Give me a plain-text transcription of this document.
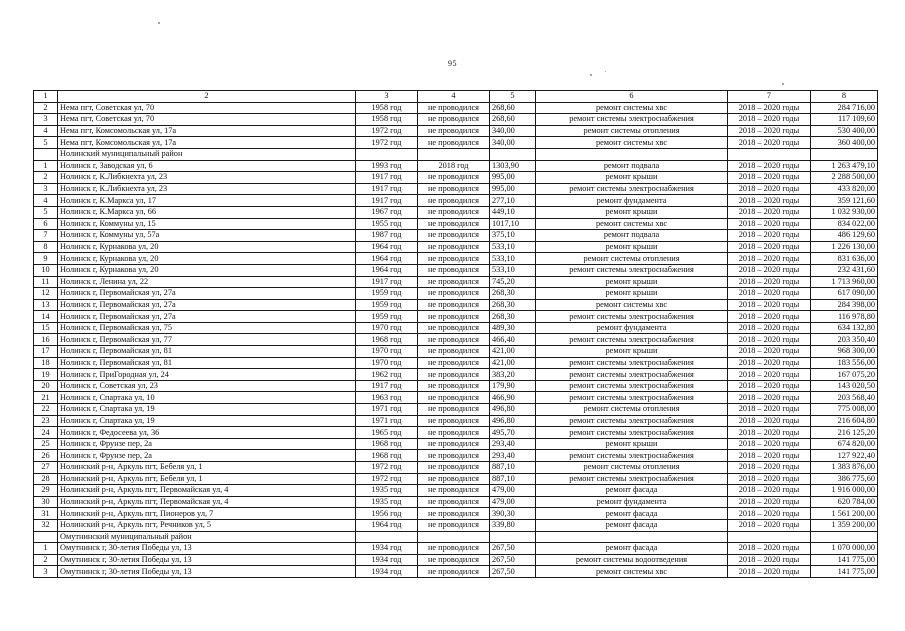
95
1	2	3	4	5	6	7	8
2	Нема пгт, Советская ул, 70	1958 год	не проводился	268,60	ремонт системы хвс	2018 – 2020 годы	284 716,00
3	Нема пгт, Советская ул, 70	1958 год	не проводился	268,60	ремонт системы электроснабжения	2018 – 2020 годы	117 109,60
4	Нема пгт, Комсомольская ул, 17а	1972 год	не проводился	340,00	ремонт системы отопления	2018 – 2020 годы	530 400,00
5	Нема пгт, Комсомольская ул, 17а	1972 год	не проводился	340,00	ремонт системы хвс	2018 – 2020 годы	360 400,00
	Нолинский муниципальный район						
1	Нолинск г, Заводская ул, 6	1993 год	2018 год	1303,90	ремонт подвала	2018 – 2020 годы	1 263 479,10
2	Нолинск г, К.Либкнехта ул, 23	1917 год	не проводился	995,00	ремонт крыши	2018 – 2020 годы	2 288 500,00
3	Нолинск г, К.Либкнехта ул, 23	1917 год	не проводился	995,00	ремонт системы электроснабжения	2018 – 2020 годы	433 820,00
4	Нолинск г, К.Маркса ул, 17	1917 год	не проводился	277,10	ремонт фундамента	2018 – 2020 годы	359 121,60
5	Нолинск г, К.Маркса ул, 66	1967 год	не проводился	449,10	ремонт крыши	2018 – 2020 годы	1 032 930,00
6	Нолинск г, Коммуны ул, 15	1955 год	не проводился	1017,10	ремонт системы хвс	2018 – 2020 годы	834 022,00
7	Нолинск г, Коммуны ул, 57а	1987 год	не проводился	375,10	ремонт подвала	2018 – 2020 годы	486 129,60
8	Нолинск г, Курнакова ул, 20	1964 год	не проводился	533,10	ремонт крыши	2018 – 2020 годы	1 226 130,00
9	Нолинск г, Курнакова ул, 20	1964 год	не проводился	533,10	ремонт системы отопления	2018 – 2020 годы	831 636,00
10	Нолинск г, Курнакова ул, 20	1964 год	не проводился	533,10	ремонт системы электроснабжения	2018 – 2020 годы	232 431,60
11	Нолинск г, Ленина ул, 22	1917 год	не проводился	745,20	ремонт крыши	2018 – 2020 годы	1 713 960,00
12	Нолинск г, Первомайская ул, 27а	1959 год	не проводился	268,30	ремонт крыши	2018 – 2020 годы	617 090,00
13	Нолинск г, Первомайская ул, 27а	1959 год	не проводился	268,30	ремонт системы хвс	2018 – 2020 годы	284 398,00
14	Нолинск г, Первомайская ул, 27а	1959 год	не проводился	268,30	ремонт системы электроснабжения	2018 – 2020 годы	116 978,80
15	Нолинск г, Первомайская ул, 75	1970 год	не проводился	489,30	ремонт фундамента	2018 – 2020 годы	634 132,80
16	Нолинск г, Первомайская ул, 77	1968 год	не проводился	466,40	ремонт системы электроснабжения	2018 – 2020 годы	203 350,40
17	Нолинск г, Первомайская ул, 81	1970 год	не проводился	421,00	ремонт крыши	2018 – 2020 годы	968 300,00
18	Нолинск г, Первомайская ул, 81	1970 год	не проводился	421,00	ремонт системы электроснабжения	2018 – 2020 годы	183 556,00
19	Нолинск г, ПриГородная ул, 24	1962 год	не проводился	383,20	ремонт системы электроснабжения	2018 – 2020 годы	167 075,20
20	Нолинск г, Советская ул, 23	1917 год	не проводился	179,90	ремонт системы электроснабжения	2018 – 2020 годы	143 020,50
21	Нолинск г, Спартака ул, 10	1963 год	не проводился	466,90	ремонт системы электроснабжения	2018 – 2020 годы	203 568,40
22	Нолинск г, Спартака ул, 19	1971 год	не проводился	496,80	ремонт системы отопления	2018 – 2020 годы	775 008,00
23	Нолинск г, Спартака ул, 19	1971 год	не проводился	496,80	ремонт системы электроснабжения	2018 – 2020 годы	216 604,80
24	Нолинск г, Федосеева ул, 36	1965 год	не проводился	495,70	ремонт системы электроснабжения	2018 – 2020 годы	216 125,20
25	Нолинск г, Фрунзе пер, 2а	1968 год	не проводился	293,40	ремонт крыши	2018 – 2020 годы	674 820,00
26	Нолинск г, Фрунзе пер, 2а	1968 год	не проводился	293,40	ремонт системы электроснабжения	2018 – 2020 годы	127 922,40
27	Нолинский р-н, Аркуль пгт, Бебеля ул, 1	1972 год	не проводился	887,10	ремонт системы отопления	2018 – 2020 годы	1 383 876,00
28	Нолинский р-н, Аркуль пгт, Бебеля ул, 1	1972 год	не проводился	887,10	ремонт системы электроснабжения	2018 – 2020 годы	386 775,60
29	Нолинский р-н, Аркуль пгт, Первомайская ул, 4	1935 год	не проводился	479,00	ремонт фасада	2018 – 2020 годы	1 916 000,00
30	Нолинский р-н, Аркуль пгт, Первомайская ул, 4	1935 год	не проводился	479,00	ремонт фундамента	2018 – 2020 годы	620 784,00
31	Нолинский р-н, Аркуль пгт, Пионеров ул, 7	1956 год	не проводился	390,30	ремонт фасада	2018 – 2020 годы	1 561 200,00
32	Нолинский р-н, Аркуль пгт, Речников ул, 5	1964 год	не проводился	339,80	ремонт фасада	2018 – 2020 годы	1 359 200,00
	Омутнинский муниципальный район						
1	Омутнинск г, 30-летия Победы ул, 13	1934 год	не проводился	267,50	ремонт фасада	2018 – 2020 годы	1 070 000,00
2	Омутнинск г, 30-летия Победы ул, 13	1934 год	не проводился	267,50	ремонт системы водоотведения	2018 – 2020 годы	141 775,00
3	Омутнинск г, 30-летия Победы ул, 13	1934 год	не проводился	267,50	ремонт системы хвс	2018 – 2020 годы	141 775,00
